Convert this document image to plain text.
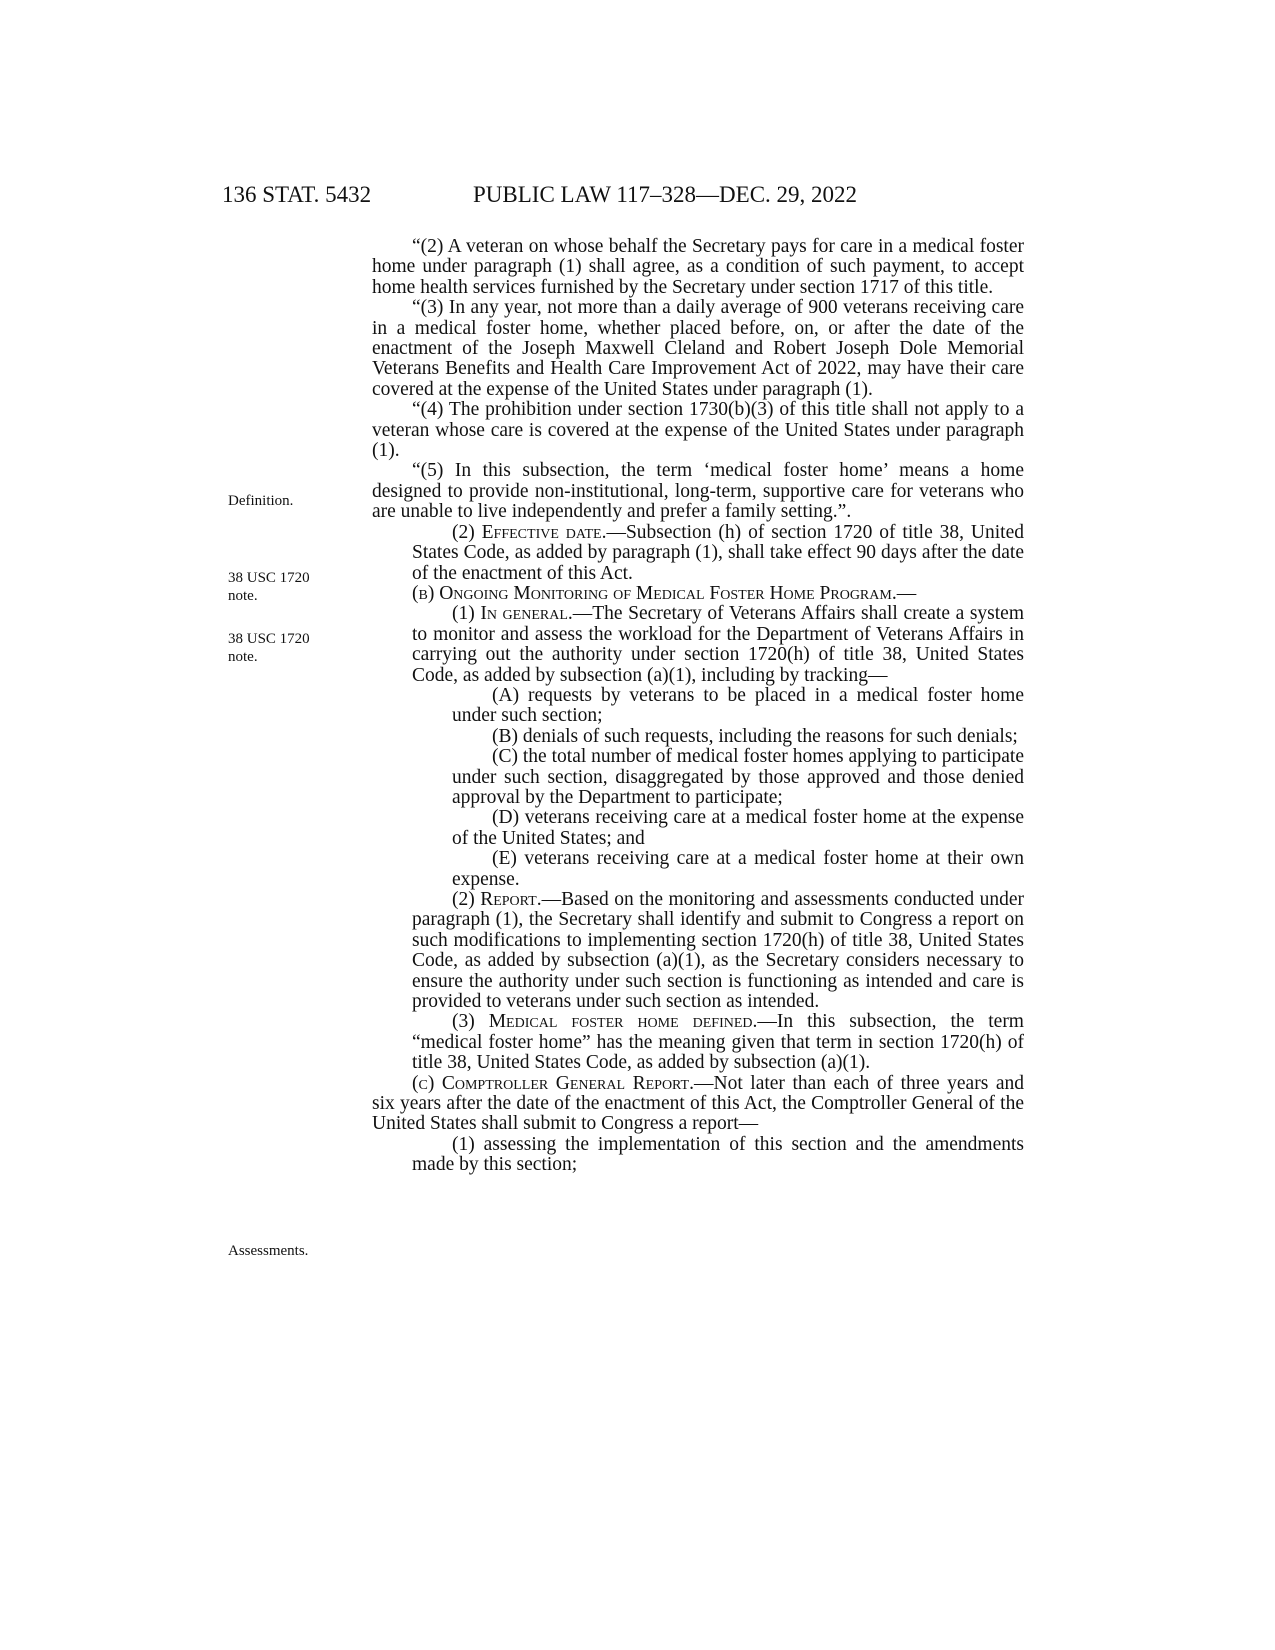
136 STAT. 5432	PUBLIC LAW 117–328—DEC. 29, 2022
Definition.
38 USC 1720
note.
38 USC 1720
note.
Assessments.

“(2) A veteran on whose behalf the Secretary pays for care in a medical foster home under paragraph (1) shall agree, as a condition of such payment, to accept home health services furnished by the Secretary under section 1717 of this title.

“(3) In any year, not more than a daily average of 900 veterans receiving care in a medical foster home, whether placed before, on, or after the date of the enactment of the Joseph Maxwell Cleland and Robert Joseph Dole Memorial Veterans Benefits and Health Care Improvement Act of 2022, may have their care covered at the expense of the United States under paragraph (1).

“(4) The prohibition under section 1730(b)(3) of this title shall not apply to a veteran whose care is covered at the expense of the United States under paragraph (1).

“(5) In this subsection, the term ‘medical foster home’ means a home designed to provide non-institutional, long-term, supportive care for veterans who are unable to live independently and prefer a family setting.”.

(2) Effective date.—Subsection (h) of section 1720 of title 38, United States Code, as added by paragraph (1), shall take effect 90 days after the date of the enactment of this Act.

(b) Ongoing Monitoring of Medical Foster Home Program.—

(1) In general.—The Secretary of Veterans Affairs shall create a system to monitor and assess the workload for the Department of Veterans Affairs in carrying out the authority under section 1720(h) of title 38, United States Code, as added by subsection (a)(1), including by tracking—

(A) requests by veterans to be placed in a medical foster home under such section;

(B) denials of such requests, including the reasons for such denials;

(C) the total number of medical foster homes applying to participate under such section, disaggregated by those approved and those denied approval by the Department to participate;

(D) veterans receiving care at a medical foster home at the expense of the United States; and

(E) veterans receiving care at a medical foster home at their own expense.

(2) Report.—Based on the monitoring and assessments conducted under paragraph (1), the Secretary shall identify and submit to Congress a report on such modifications to implementing section 1720(h) of title 38, United States Code, as added by subsection (a)(1), as the Secretary considers necessary to ensure the authority under such section is functioning as intended and care is provided to veterans under such section as intended.

(3) Medical foster home defined.—In this subsection, the term “medical foster home” has the meaning given that term in section 1720(h) of title 38, United States Code, as added by subsection (a)(1).

(c) Comptroller General Report.—Not later than each of three years and six years after the date of the enactment of this Act, the Comptroller General of the United States shall submit to Congress a report—

(1) assessing the implementation of this section and the amendments made by this section;
